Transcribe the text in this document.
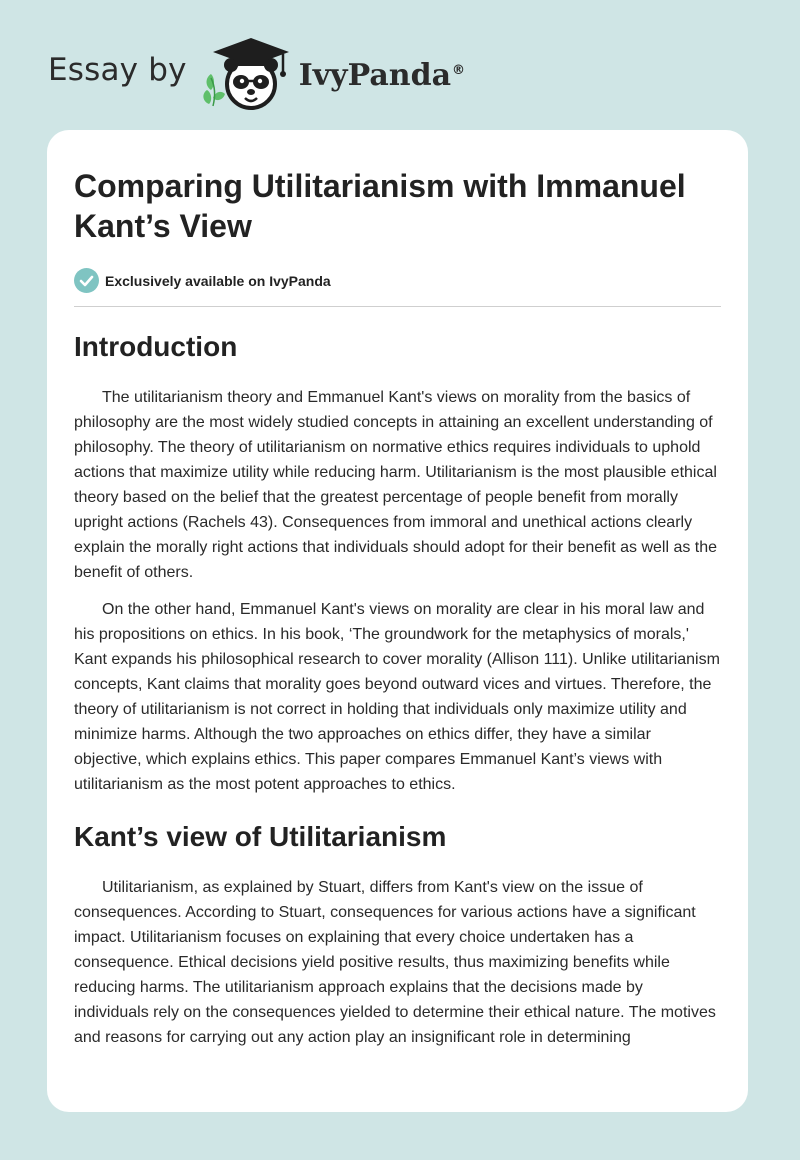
Essay by	IvyPanda®
Comparing Utilitarianism with Immanuel Kant’s View
Exclusively available on IvyPanda
Introduction

The utilitarianism theory and Emmanuel Kant's views on morality from the basics of philosophy are the most widely studied concepts in attaining an excellent understanding of philosophy. The theory of utilitarianism on normative ethics requires individuals to uphold actions that maximize utility while reducing harm. Utilitarianism is the most plausible ethical theory based on the belief that the greatest percentage of people benefit from morally upright actions (Rachels 43). Consequences from immoral and unethical actions clearly explain the morally right actions that individuals should adopt for their benefit as well as the benefit of others.

On the other hand, Emmanuel Kant's views on morality are clear in his moral law and his propositions on ethics. In his book, ‘The groundwork for the metaphysics of morals,' Kant expands his philosophical research to cover morality (Allison 111). Unlike utilitarianism concepts, Kant claims that morality goes beyond outward vices and virtues. Therefore, the theory of utilitarianism is not correct in holding that individuals only maximize utility and minimize harms. Although the two approaches on ethics differ, they have a similar objective, which explains ethics. This paper compares Emmanuel Kant’s views with utilitarianism as the most potent approaches to ethics.

Kant’s view of Utilitarianism

Utilitarianism, as explained by Stuart, differs from Kant's view on the issue of consequences. According to Stuart, consequences for various actions have a significant impact. Utilitarianism focuses on explaining that every choice undertaken has a consequence. Ethical decisions yield positive results, thus maximizing benefits while reducing harms. The utilitarianism approach explains that the decisions made by individuals rely on the consequences yielded to determine their ethical nature. The motives and reasons for carrying out any action play an insignificant role in determining
